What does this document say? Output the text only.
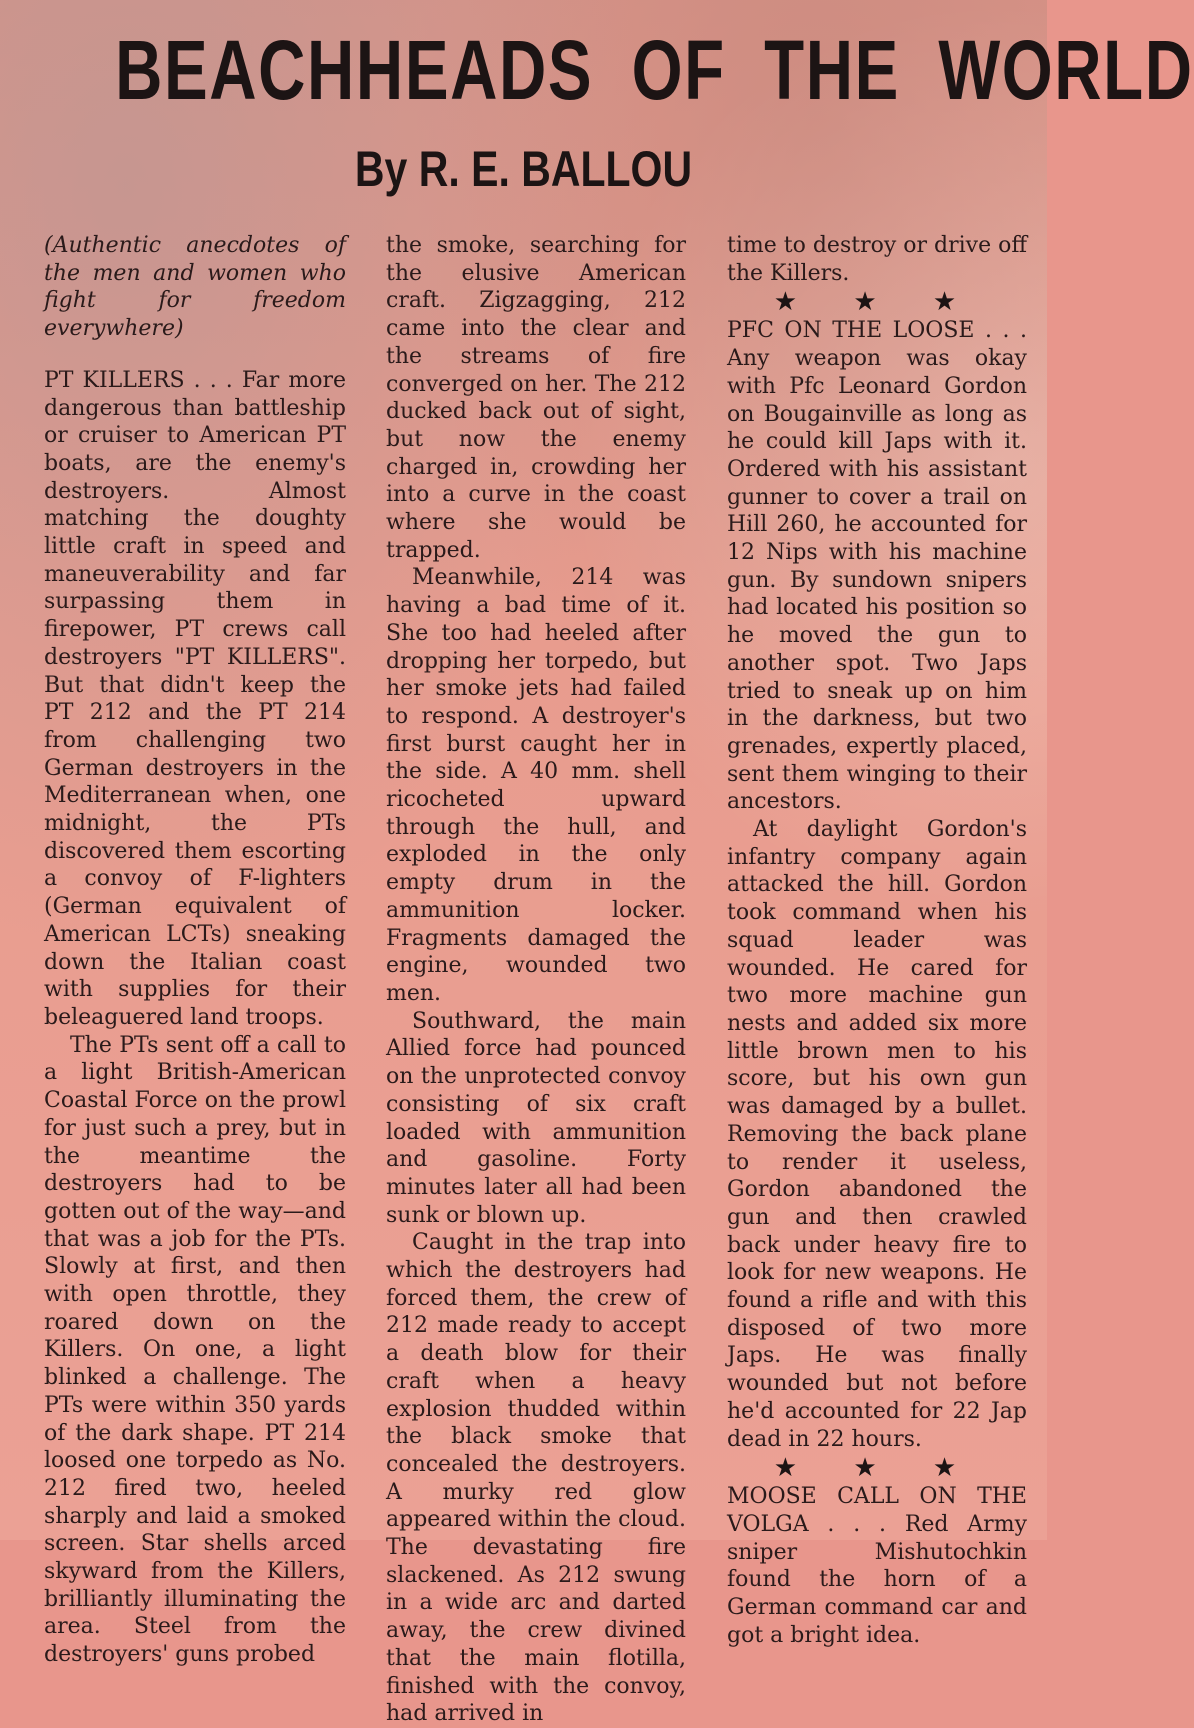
BEACHHEADS OF THE WORLD
By R. E. BALLOU

(Authentic anecdotes of the men and women who fight for freedom everywhere)

PT KILLERS . . . Far more dangerous than battleship or cruiser to American PT boats, are the enemy's destroyers. Almost matching the doughty little craft in speed and maneuverability and far surpassing them in firepower, PT crews call destroyers "PT KILLERS". But that didn't keep the PT 212 and the PT 214 from challenging two German destroyers in the Mediterranean when, one midnight, the PTs discovered them escorting a convoy of F-lighters (German equivalent of American LCTs) sneaking down the Italian coast with supplies for their beleaguered land troops.

The PTs sent off a call to a light British-American Coastal Force on the prowl for just such a prey, but in the meantime the destroyers had to be gotten out of the way—and that was a job for the PTs. Slowly at first, and then with open throttle, they roared down on the Killers. On one, a light blinked a challenge. The PTs were within 350 yards of the dark shape. PT 214 loosed one torpedo as No. 212 fired two, heeled sharply and laid a smoked screen. Star shells arced skyward from the Killers, brilliantly illuminating the area. Steel from the destroyers' guns probed

the smoke, searching for the elusive American craft. Zigzagging, 212 came into the clear and the streams of fire converged on her. The 212 ducked back out of sight, but now the enemy charged in, crowding her into a curve in the coast where she would be trapped.

Meanwhile, 214 was having a bad time of it. She too had heeled after dropping her torpedo, but her smoke jets had failed to respond. A destroyer's first burst caught her in the side. A 40 mm. shell ricocheted upward through the hull, and exploded in the only empty drum in the ammunition locker. Fragments damaged the engine, wounded two men.

Southward, the main Allied force had pounced on the unprotected convoy consisting of six craft loaded with ammunition and gasoline. Forty minutes later all had been sunk or blown up.

Caught in the trap into which the destroyers had forced them, the crew of 212 made ready to accept a death blow for their craft when a heavy explosion thudded within the black smoke that concealed the destroyers. A murky red glow appeared within the cloud. The devastating fire slackened. As 212 swung in a wide arc and darted away, the crew divined that the main flotilla, finished with the convoy, had arrived in

time to destroy or drive off the Killers.

★ ★ ★

PFC ON THE LOOSE . . . Any weapon was okay with Pfc Leonard Gordon on Bougainville as long as he could kill Japs with it. Ordered with his assistant gunner to cover a trail on Hill 260, he accounted for 12 Nips with his machine gun. By sundown snipers had located his position so he moved the gun to another spot. Two Japs tried to sneak up on him in the darkness, but two grenades, expertly placed, sent them winging to their ancestors.

At daylight Gordon's infantry company again attacked the hill. Gordon took command when his squad leader was wounded. He cared for two more machine gun nests and added six more little brown men to his score, but his own gun was damaged by a bullet. Removing the back plane to render it useless, Gordon abandoned the gun and then crawled back under heavy fire to look for new weapons. He found a rifle and with this disposed of two more Japs. He was finally wounded but not before he'd accounted for 22 Jap dead in 22 hours.

★ ★ ★

MOOSE CALL ON THE VOLGA . . . Red Army sniper Mishutochkin found the horn of a German command car and got a bright idea.
